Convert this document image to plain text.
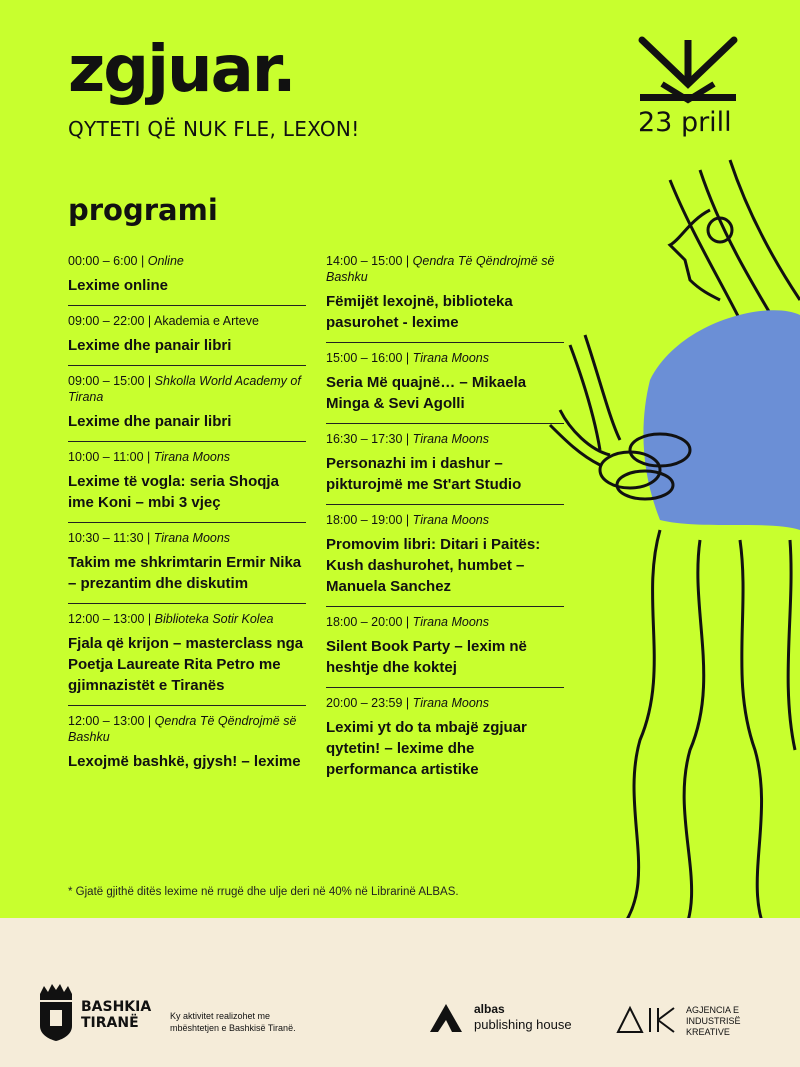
zgjuar.
QYTETI QË NUK FLE, LEXON!	23 prill
programi
00:00 – 6:00 | Online
Lexime online
09:00 – 22:00 | Akademia e Arteve
Lexime dhe panair libri
09:00 – 15:00 | Shkolla World Academy of Tirana
Lexime dhe panair libri
10:00 – 11:00 | Tirana Moons
Lexime të vogla: seria Shoqja ime Koni – mbi 3 vjeç
10:30 – 11:30 | Tirana Moons
Takim me shkrimtarin Ermir Nika – prezantim dhe diskutim
12:00 – 13:00 | Biblioteka Sotir Kolea
Fjala që krijon – masterclass nga Poetja Laureate Rita Petro me gjimnazistët e Tiranës
12:00 – 13:00 | Qendra Të Qëndrojmë së Bashku
Lexojmë bashkë, gjysh! – lexime
14:00 – 15:00 | Qendra Të Qëndrojmë së Bashku
Fëmijët lexojnë, biblioteka pasurohet - lexime
15:00 – 16:00 | Tirana Moons
Seria Më quajnë… – Mikaela Minga & Sevi Agolli
16:30 – 17:30 | Tirana Moons
Personazhi im i dashur – pikturojmë me St'art Studio
18:00 – 19:00 | Tirana Moons
Promovim libri: Ditari i Paitës: Kush dashurohet, humbet – Manuela Sanchez
18:00 – 20:00 | Tirana Moons
Silent Book Party – lexim në heshtje dhe koktej
20:00 – 23:59 | Tirana Moons
Leximi yt do ta mbajë zgjuar qytetin! – lexime dhe performanca artistike
* Gjatë gjithë ditës lexime në rrugë dhe ulje deri në 40% në Librarinë ALBAS.
BASHKIA TIRANË	Ky aktivitet realizohet me mbështetjen e Bashkisë Tiranë.
albas
publishing house
AGJENCIA E INDUSTRISË KREATIVE
